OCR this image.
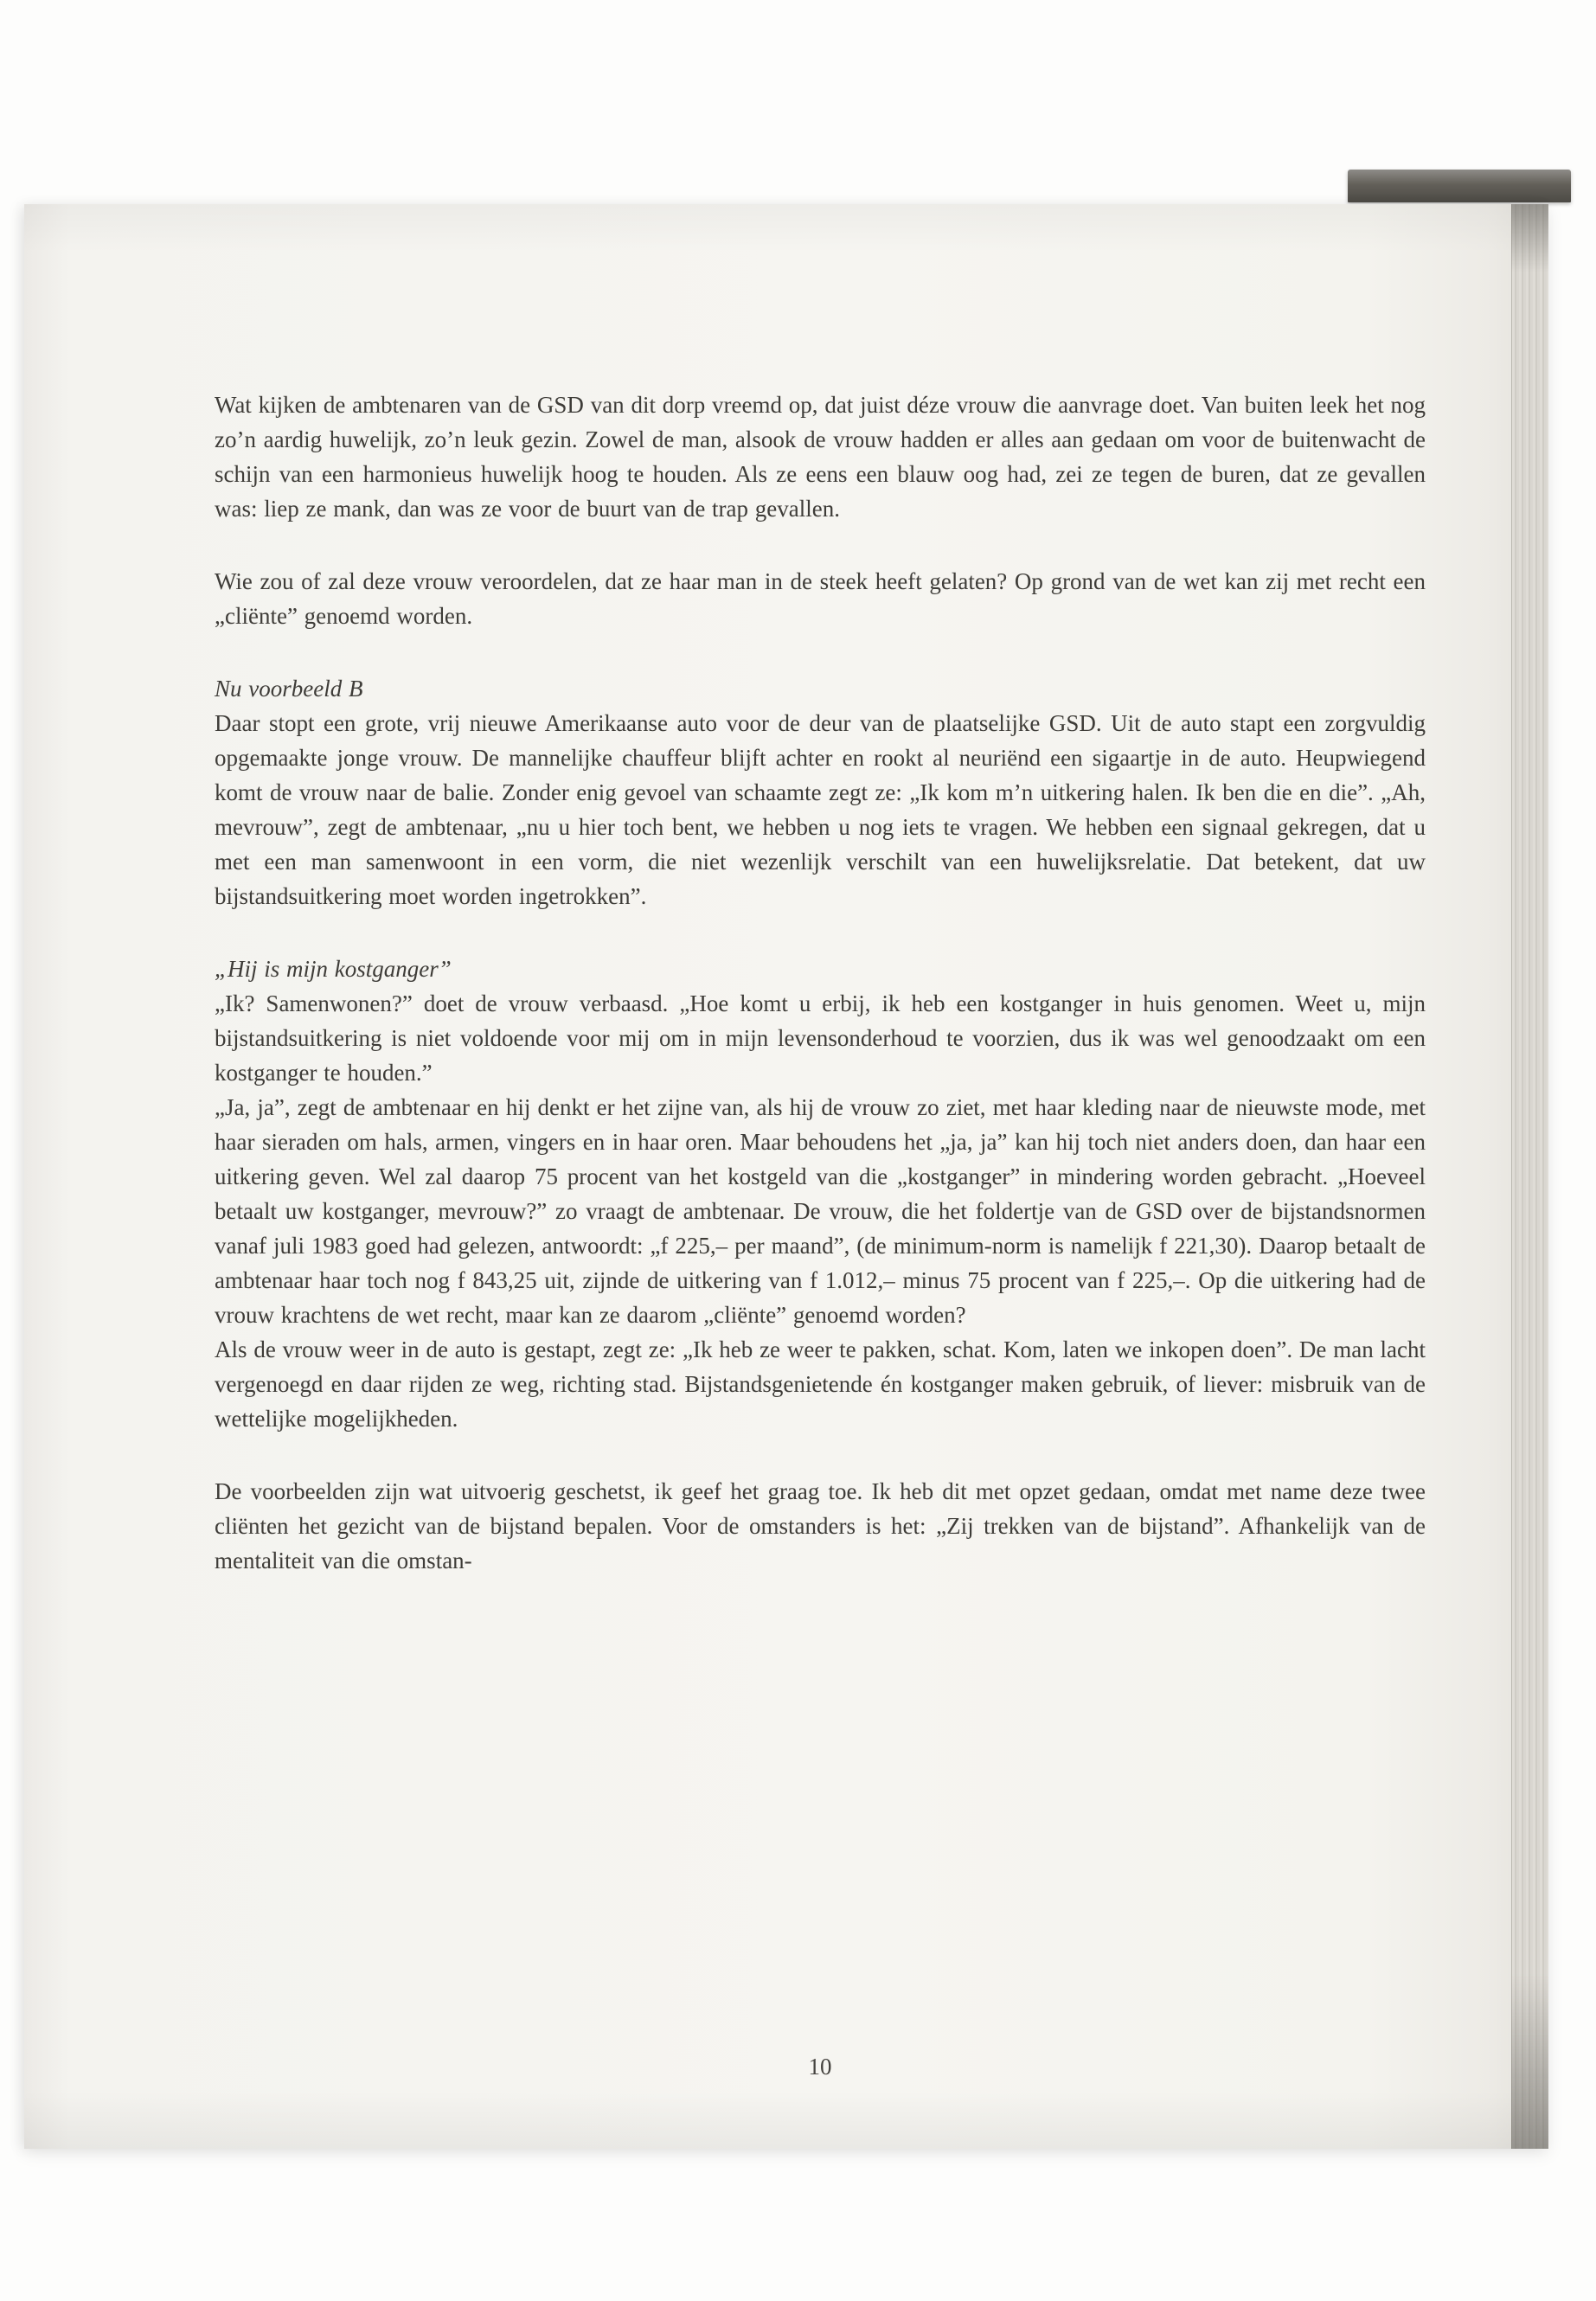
Wat kijken de ambtenaren van de GSD van dit dorp vreemd op, dat juist déze vrouw die aanvrage doet. Van buiten leek het nog zo’n aardig huwelijk, zo’n leuk gezin. Zowel de man, alsook de vrouw hadden er alles aan gedaan om voor de buitenwacht de schijn van een harmonieus huwelijk hoog te houden. Als ze eens een blauw oog had, zei ze tegen de buren, dat ze gevallen was: liep ze mank, dan was ze voor de buurt van de trap gevallen.

Wie zou of zal deze vrouw veroordelen, dat ze haar man in de steek heeft gelaten? Op grond van de wet kan zij met recht een „cliënte” genoemd worden.

Nu voorbeeld B

Daar stopt een grote, vrij nieuwe Amerikaanse auto voor de deur van de plaatselijke GSD. Uit de auto stapt een zorgvuldig opgemaakte jonge vrouw. De mannelijke chauffeur blijft achter en rookt al neuriënd een sigaartje in de auto. Heupwiegend komt de vrouw naar de balie. Zonder enig gevoel van schaamte zegt ze: „Ik kom m’n uitkering halen. Ik ben die en die”. „Ah, mevrouw”, zegt de ambtenaar, „nu u hier toch bent, we hebben u nog iets te vragen. We hebben een signaal gekregen, dat u met een man samenwoont in een vorm, die niet wezenlijk verschilt van een huwelijksrelatie. Dat betekent, dat uw bijstandsuitkering moet worden ingetrokken”.

„Hij is mijn kostganger”

„Ik? Samenwonen?” doet de vrouw verbaasd. „Hoe komt u erbij, ik heb een kostganger in huis genomen. Weet u, mijn bijstandsuitkering is niet voldoende voor mij om in mijn levensonderhoud te voorzien, dus ik was wel genoodzaakt om een kostganger te houden.”

„Ja, ja”, zegt de ambtenaar en hij denkt er het zijne van, als hij de vrouw zo ziet, met haar kleding naar de nieuwste mode, met haar sieraden om hals, armen, vingers en in haar oren. Maar behoudens het „ja, ja” kan hij toch niet anders doen, dan haar een uitkering geven. Wel zal daarop 75 procent van het kostgeld van die „kostganger” in mindering worden gebracht. „Hoeveel betaalt uw kostganger, mevrouw?” zo vraagt de ambtenaar. De vrouw, die het foldertje van de GSD over de bijstandsnormen vanaf juli 1983 goed had gelezen, antwoordt: „f 225,– per maand”, (de minimum-norm is namelijk f 221,30). Daarop betaalt de ambtenaar haar toch nog f 843,25 uit, zijnde de uitkering van f 1.012,– minus 75 procent van f 225,–. Op die uitkering had de vrouw krachtens de wet recht, maar kan ze daarom „cliënte” genoemd worden?

Als de vrouw weer in de auto is gestapt, zegt ze: „Ik heb ze weer te pakken, schat. Kom, laten we inkopen doen”. De man lacht vergenoegd en daar rijden ze weg, richting stad. Bijstandsgenietende én kostganger maken gebruik, of liever: misbruik van de wettelijke mogelijkheden.

De voorbeelden zijn wat uitvoerig geschetst, ik geef het graag toe. Ik heb dit met opzet gedaan, omdat met name deze twee cliënten het gezicht van de bijstand bepalen. Voor de omstanders is het: „Zij trekken van de bijstand”. Afhankelijk van de mentaliteit van die omstan-

10
